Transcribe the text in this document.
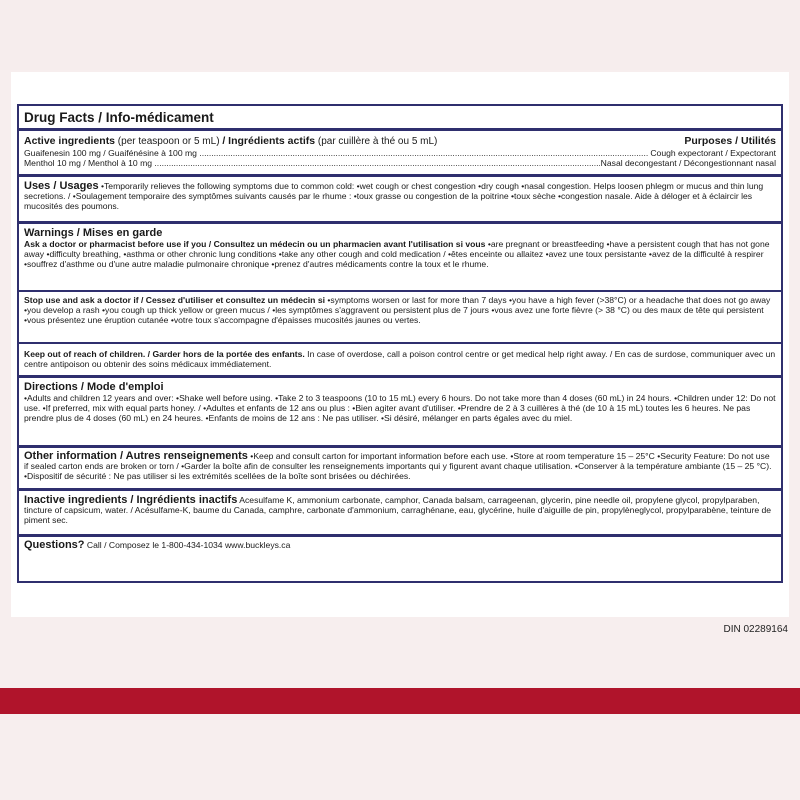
Drug Facts / Info-médicament
Active ingredients (per teaspoon or 5 mL) / Ingrédients actifs (par cuillère à thé ou 5 mL)	Purposes / Utilités
Guaifenesin 100 mg / Guaifénésine à 100 mg .....	Cough expectorant / Expectorant
Menthol 10 mg / Menthol à 10 mg .....	Nasal decongestant / Décongestionnant nasal
Uses / Usages •Temporarily relieves the following symptoms due to common cold: •wet cough or chest congestion •dry cough •nasal congestion. Helps loosen phlegm or mucus and thin lung secretions. / •Soulagement temporaire des symptômes suivants causés par le rhume : •toux grasse ou congestion de la poitrine •toux sèche •congestion nasale. Aide à déloger et à éclaircir les mucosités des poumons.
Warnings / Mises en garde
Ask a doctor or pharmacist before use if you / Consultez un médecin ou un pharmacien avant l'utilisation si vous •are pregnant or breastfeeding •have a persistent cough that has not gone away •difficulty breathing, •asthma or other chronic lung conditions •take any other cough and cold medication / •êtes enceinte ou allaitez •avez une toux persistante •avez de la difficulté à respirer •souffrez d'asthme ou d'une autre maladie pulmonaire chronique •prenez d'autres médicaments contre la toux et le rhume.
Stop use and ask a doctor if / Cessez d'utiliser et consultez un médecin si •symptoms worsen or last for more than 7 days •you have a high fever (>38°C) or a headache that does not go away •you develop a rash •you cough up thick yellow or green mucus / •les symptômes s'aggravent ou persistent plus de 7 jours •vous avez une forte fièvre (> 38 °C) ou des maux de tête qui persistent •vous présentez une éruption cutanée •votre toux s'accompagne d'épaisses mucosités jaunes ou vertes.
Keep out of reach of children. / Garder hors de la portée des enfants. In case of overdose, call a poison control centre or get medical help right away. / En cas de surdose, communiquer avec un centre antipoison ou obtenir des soins médicaux immédiatement.
Directions / Mode d'emploi
•Adults and children 12 years and over: •Shake well before using. •Take 2 to 3 teaspoons (10 to 15 mL) every 6 hours. Do not take more than 4 doses (60 mL) in 24 hours. •Children under 12: Do not use. •If preferred, mix with equal parts honey. / •Adultes et enfants de 12 ans ou plus : •Bien agiter avant d'utiliser. •Prendre de 2 à 3 cuillères à thé (de 10 à 15 mL) toutes les 6 heures. Ne pas prendre plus de 4 doses (60 mL) en 24 heures. •Enfants de moins de 12 ans : Ne pas utiliser. •Si désiré, mélanger en parts égales avec du miel.
Other information / Autres renseignements •Keep and consult carton for important information before each use. •Store at room temperature 15 – 25°C •Security Feature: Do not use if sealed carton ends are broken or torn / •Garder la boîte afin de consulter les renseignements importants qui y figurent avant chaque utilisation. •Conserver à la température ambiante (15 – 25 °C). •Dispositif de sécurité : Ne pas utiliser si les extrémités scellées de la boîte sont brisées ou déchirées.
Inactive ingredients / Ingrédients inactifs Acesulfame K, ammonium carbonate, camphor, Canada balsam, carrageenan, glycerin, pine needle oil, propylene glycol, propylparaben, tincture of capsicum, water. / Acésulfame-K, baume du Canada, camphre, carbonate d'ammonium, carraghénane, eau, glycérine, huile d'aiguille de pin, propylèneglycol, propylparabène, teinture de piment sec.
Questions? Call / Composez le 1-800-434-1034 www.buckleys.ca
DIN 02289164
